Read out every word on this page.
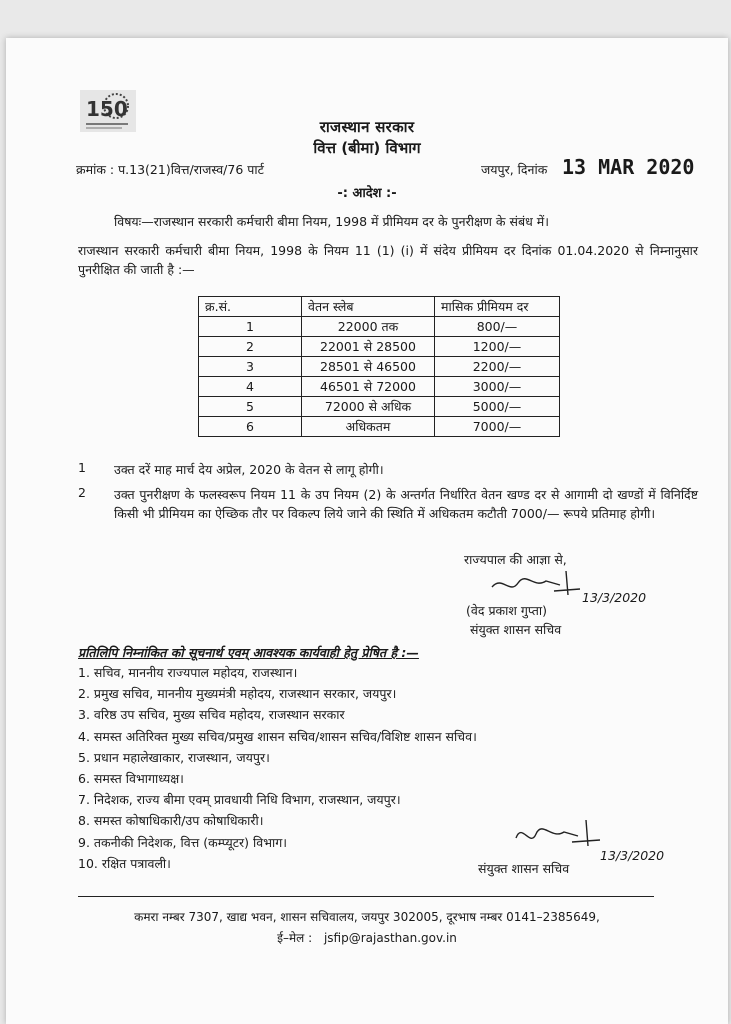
150
राजस्थान सरकार
वित्त (बीमा) विभाग
क्रमांक : प.13(21)वित्त/राजस्व/76 पार्ट	जयपुर, दिनांक 13 MAR 2020
-: आदेश :-
विषयः—राजस्थान सरकारी कर्मचारी बीमा नियम, 1998 में प्रीमियम दर के पुनरीक्षण के संबंध में।
राजस्थान सरकारी कर्मचारी बीमा नियम, 1998 के नियम 11 (1) (i) में संदेय प्रीमियम दर दिनांक 01.04.2020 से निम्नानुसार पुनरीक्षित की जाती है :—
क्र.सं.	वेतन स्लेब	मासिक प्रीमियम दर
1	22000 तक	800/—
2	22001 से 28500	1200/—
3	28501 से 46500	2200/—
4	46501 से 72000	3000/—
5	72000 से अधिक	5000/—
6	अधिकतम	7000/—
1 उक्त दरें माह मार्च देय अप्रेल, 2020 के वेतन से लागू होगी।
2 उक्त पुनरीक्षण के फलस्वरूप नियम 11 के उप नियम (2) के अन्तर्गत निर्धारित वेतन खण्ड दर से आगामी दो खण्डों में विनिर्दिष्ट किसी भी प्रीमियम का ऐच्छिक तौर पर विकल्प लिये जाने की स्थिति में अधिकतम कटौती 7000/— रूपये प्रतिमाह होगी।
राज्यपाल की आज्ञा से,
13/3/2020
(वेद प्रकाश गुप्ता)
संयुक्त शासन सचिव
प्रतिलिपि निम्नांकित को सूचनार्थ एवम् आवश्यक कार्यवाही हेतु प्रेषित है :—
1. सचिव, माननीय राज्यपाल महोदय, राजस्थान।
2. प्रमुख सचिव, माननीय मुख्यमंत्री महोदय, राजस्थान सरकार, जयपुर।
3. वरिष्ठ उप सचिव, मुख्य सचिव महोदय, राजस्थान सरकार
4. समस्त अतिरिक्त मुख्य सचिव/प्रमुख शासन सचिव/शासन सचिव/विशिष्ट शासन सचिव।
5. प्रधान महालेखाकार, राजस्थान, जयपुर।
6. समस्त विभागाध्यक्ष।
7. निदेशक, राज्य बीमा एवम् प्रावधायी निधि विभाग, राजस्थान, जयपुर।
8. समस्त कोषाधिकारी/उप कोषाधिकारी।
9. तकनीकी निदेशक, वित्त (कम्प्यूटर) विभाग।
10. रक्षित पत्रावली।	संयुक्त शासन सचिव
13/3/2020
कमरा नम्बर 7307, खाद्य भवन, शासन सचिवालय, जयपुर 302005, दूरभाष नम्बर 0141–2385649,
ई–मेल : jsfip@rajasthan.gov.in
